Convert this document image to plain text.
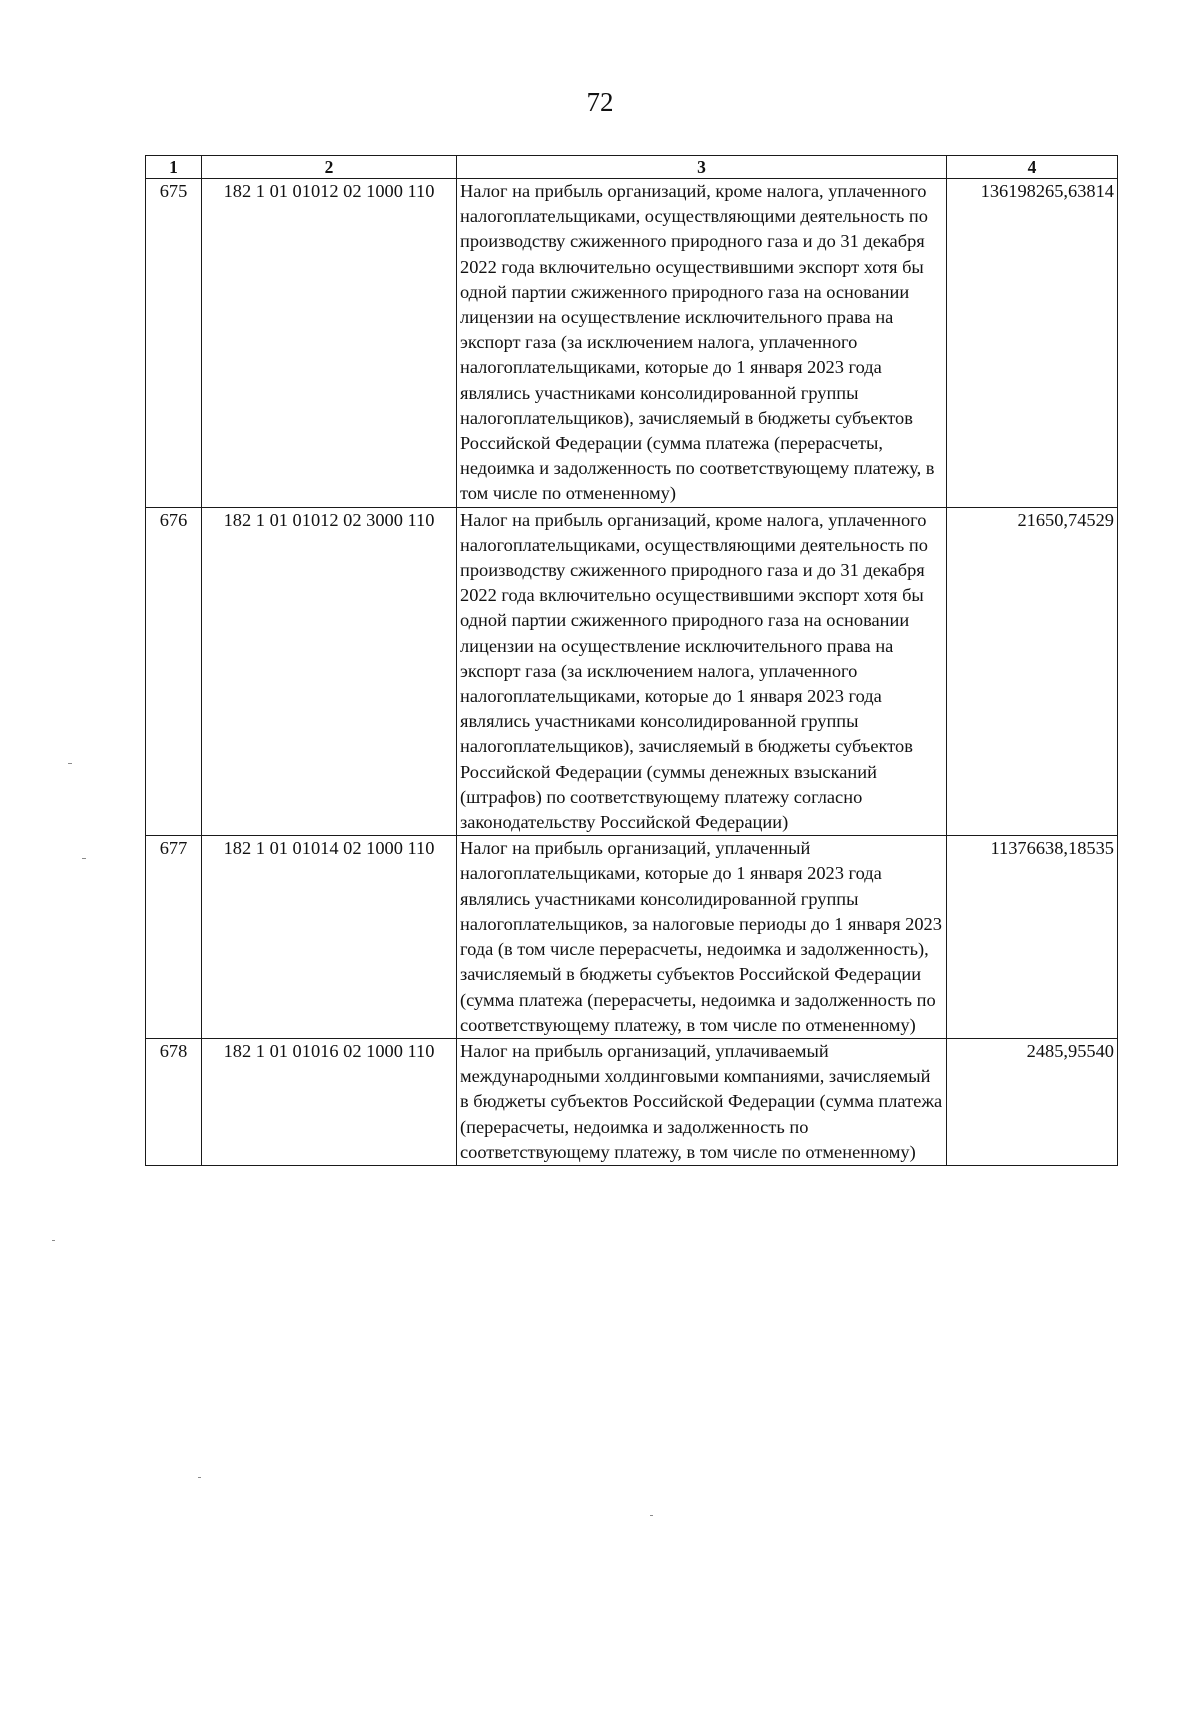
72
1	2	3	4
675	182 1 01 01012 02 1000 110	Налог на прибыль организаций, кроме налога, уплаченного налогоплательщиками, осуществляющими деятельность по производству сжиженного природного газа и до 31 декабря 2022 года включительно осуществившими экспорт хотя бы одной партии сжиженного природного газа на основании лицензии на осуществление исключительного права на экспорт газа (за исключением налога, уплаченного налогоплательщиками, которые до 1 января 2023 года являлись участниками консолидированной группы налогоплательщиков), зачисляемый в бюджеты субъектов Российской Федерации (сумма платежа (перерасчеты, недоимка и задолженность по соответствующему платежу, в том числе по отмененному)	136198265,63814
676	182 1 01 01012 02 3000 110	Налог на прибыль организаций, кроме налога, уплаченного налогоплательщиками, осуществляющими деятельность по производству сжиженного природного газа и до 31 декабря 2022 года включительно осуществившими экспорт хотя бы одной партии сжиженного природного газа на основании лицензии на осуществление исключительного права на экспорт газа (за исключением налога, уплаченного налогоплательщиками, которые до 1 января 2023 года являлись участниками консолидированной группы налогоплательщиков), зачисляемый в бюджеты субъектов Российской Федерации (суммы денежных взысканий (штрафов) по соответствующему платежу согласно законодательству Российской Федерации)	21650,74529
677	182 1 01 01014 02 1000 110	Налог на прибыль организаций, уплаченный налогоплательщиками, которые до 1 января 2023 года являлись участниками консолидированной группы налогоплательщиков, за налоговые периоды до 1 января 2023 года (в том числе перерасчеты, недоимка и задолженность), зачисляемый в бюджеты субъектов Российской Федерации (сумма платежа (перерасчеты, недоимка и задолженность по соответствующему платежу, в том числе по отмененному)	11376638,18535
678	182 1 01 01016 02 1000 110	Налог на прибыль организаций, уплачиваемый международными холдинговыми компаниями, зачисляемый в бюджеты субъектов Российской Федерации (сумма платежа (перерасчеты, недоимка и задолженность по соответствующему платежу, в том числе по отмененному)	2485,95540
